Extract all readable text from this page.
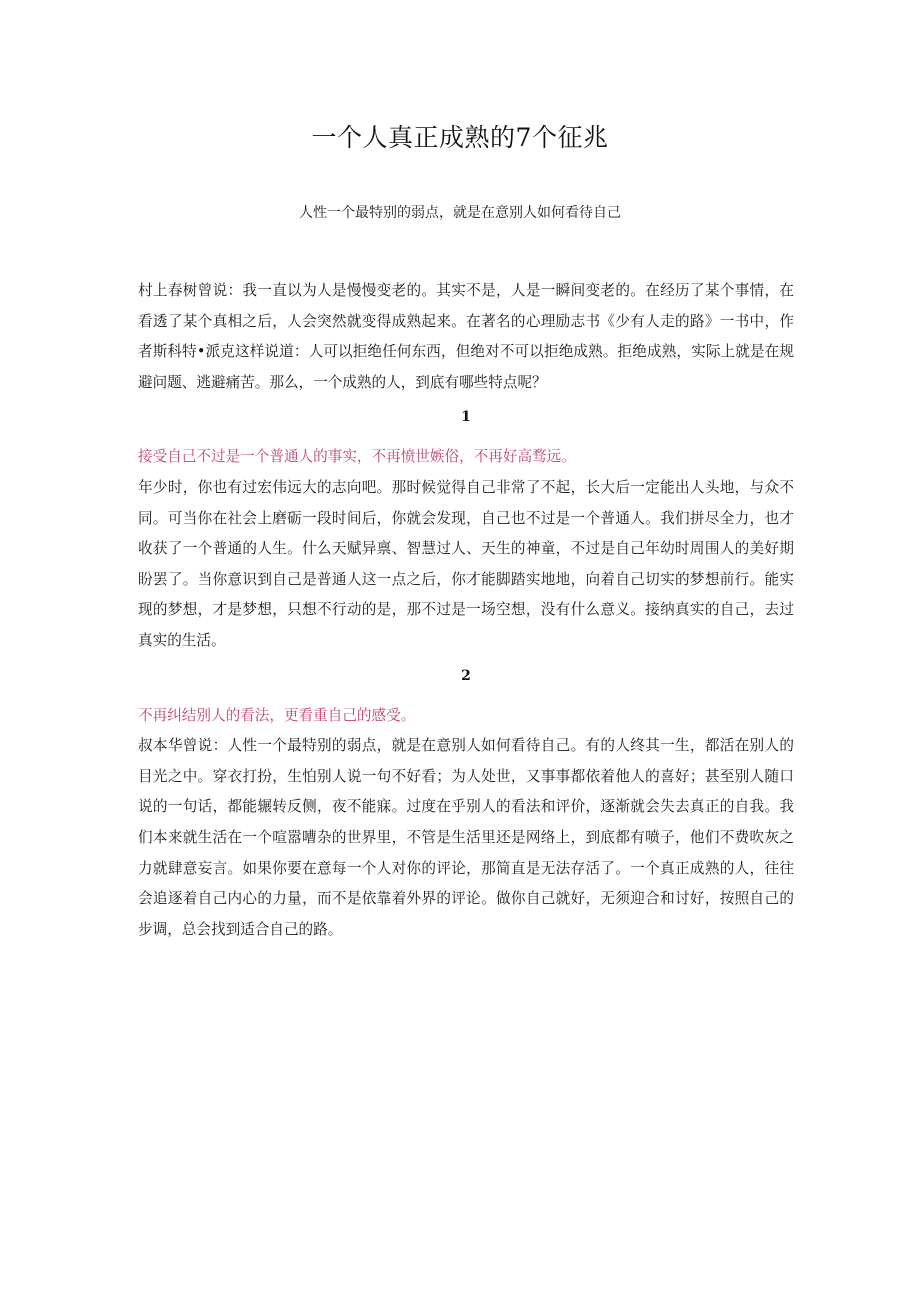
一个人真正成熟的7个征兆
人性一个最特别的弱点，就是在意别人如何看待自己

村上春树曾说：我一直以为人是慢慢变老的。其实不是，人是一瞬间变老的。在经历了某个事情，在看透了某个真相之后，人会突然就变得成熟起来。在著名的心理励志书《少有人走的路》一书中，作者斯科特•派克这样说道：人可以拒绝任何东西，但绝对不可以拒绝成熟。拒绝成熟，实际上就是在规避问题、逃避痛苦。那么，一个成熟的人，到底有哪些特点呢？

1

接受自己不过是一个普通人的事实，不再愤世嫉俗，不再好高骛远。

年少时，你也有过宏伟远大的志向吧。那时候觉得自己非常了不起，长大后一定能出人头地，与众不同。可当你在社会上磨砺一段时间后，你就会发现，自己也不过是一个普通人。我们拼尽全力，也才收获了一个普通的人生。什么天赋异禀、智慧过人、天生的神童，不过是自己年幼时周围人的美好期盼罢了。当你意识到自己是普通人这一点之后，你才能脚踏实地地，向着自己切实的梦想前行。能实现的梦想，才是梦想，只想不行动的是，那不过是一场空想，没有什么意义。接纳真实的自己，去过真实的生活。

2

不再纠结别人的看法，更看重自己的感受。

叔本华曾说：人性一个最特别的弱点，就是在意别人如何看待自己。有的人终其一生，都活在别人的目光之中。穿衣打扮，生怕别人说一句不好看；为人处世，又事事都依着他人的喜好；甚至别人随口说的一句话，都能辗转反侧，夜不能寐。过度在乎别人的看法和评价，逐渐就会失去真正的自我。我们本来就生活在一个喧嚣嘈杂的世界里，不管是生活里还是网络上，到底都有喷子，他们不费吹灰之力就肆意妄言。如果你要在意每一个人对你的评论，那简直是无法存活了。一个真正成熟的人，往往会追逐着自己内心的力量，而不是依靠着外界的评论。做你自己就好，无须迎合和讨好，按照自己的步调，总会找到适合自己的路。
